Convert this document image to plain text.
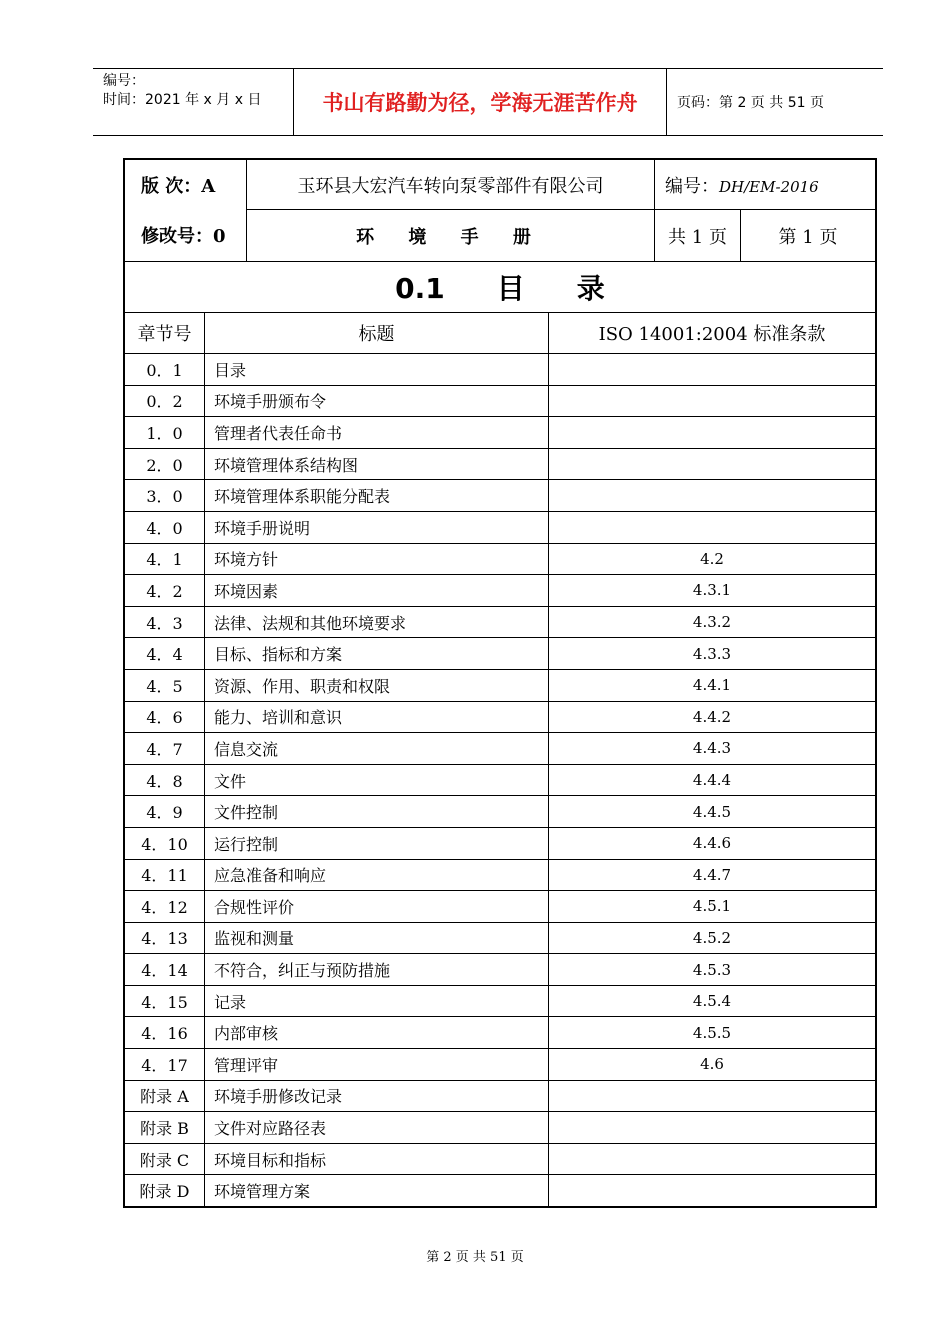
编号：
时间：2021 年 x 月 x 日	书山有路勤为径，学海无涯苦作舟	页码：第 2 页 共 51 页
版 次：A	玉环县大宏汽车转向泵零部件有限公司	编号：DH/EM-2016	
修改号：0	环 境 手 册	共 1 页	第 1 页
0.1 目 录		
章节号	标题	ISO 14001:2004 标准条款
0．1	目录	
0．2	环境手册颁布令	
1．0	管理者代表任命书	
2．0	环境管理体系结构图	
3．0	环境管理体系职能分配表	
4．0	环境手册说明	
4．1	环境方针	4.2
4．2	环境因素	4.3.1
4．3	法律、法规和其他环境要求	4.3.2
4．4	目标、指标和方案	4.3.3
4．5	资源、作用、职责和权限	4.4.1
4．6	能力、培训和意识	4.4.2
4．7	信息交流	4.4.3
4．8	文件	4.4.4
4．9	文件控制	4.4.5
4．10	运行控制	4.4.6
4．11	应急准备和响应	4.4.7
4．12	合规性评价	4.5.1
4．13	监视和测量	4.5.2
4．14	不符合，纠正与预防措施	4.5.3
4．15	记录	4.5.4
4．16	内部审核	4.5.5
4．17	管理评审	4.6
附录 A	环境手册修改记录	
附录 B	文件对应路径表	
附录 C	环境目标和指标	
附录 D	环境管理方案	
第 2 页 共 51 页
